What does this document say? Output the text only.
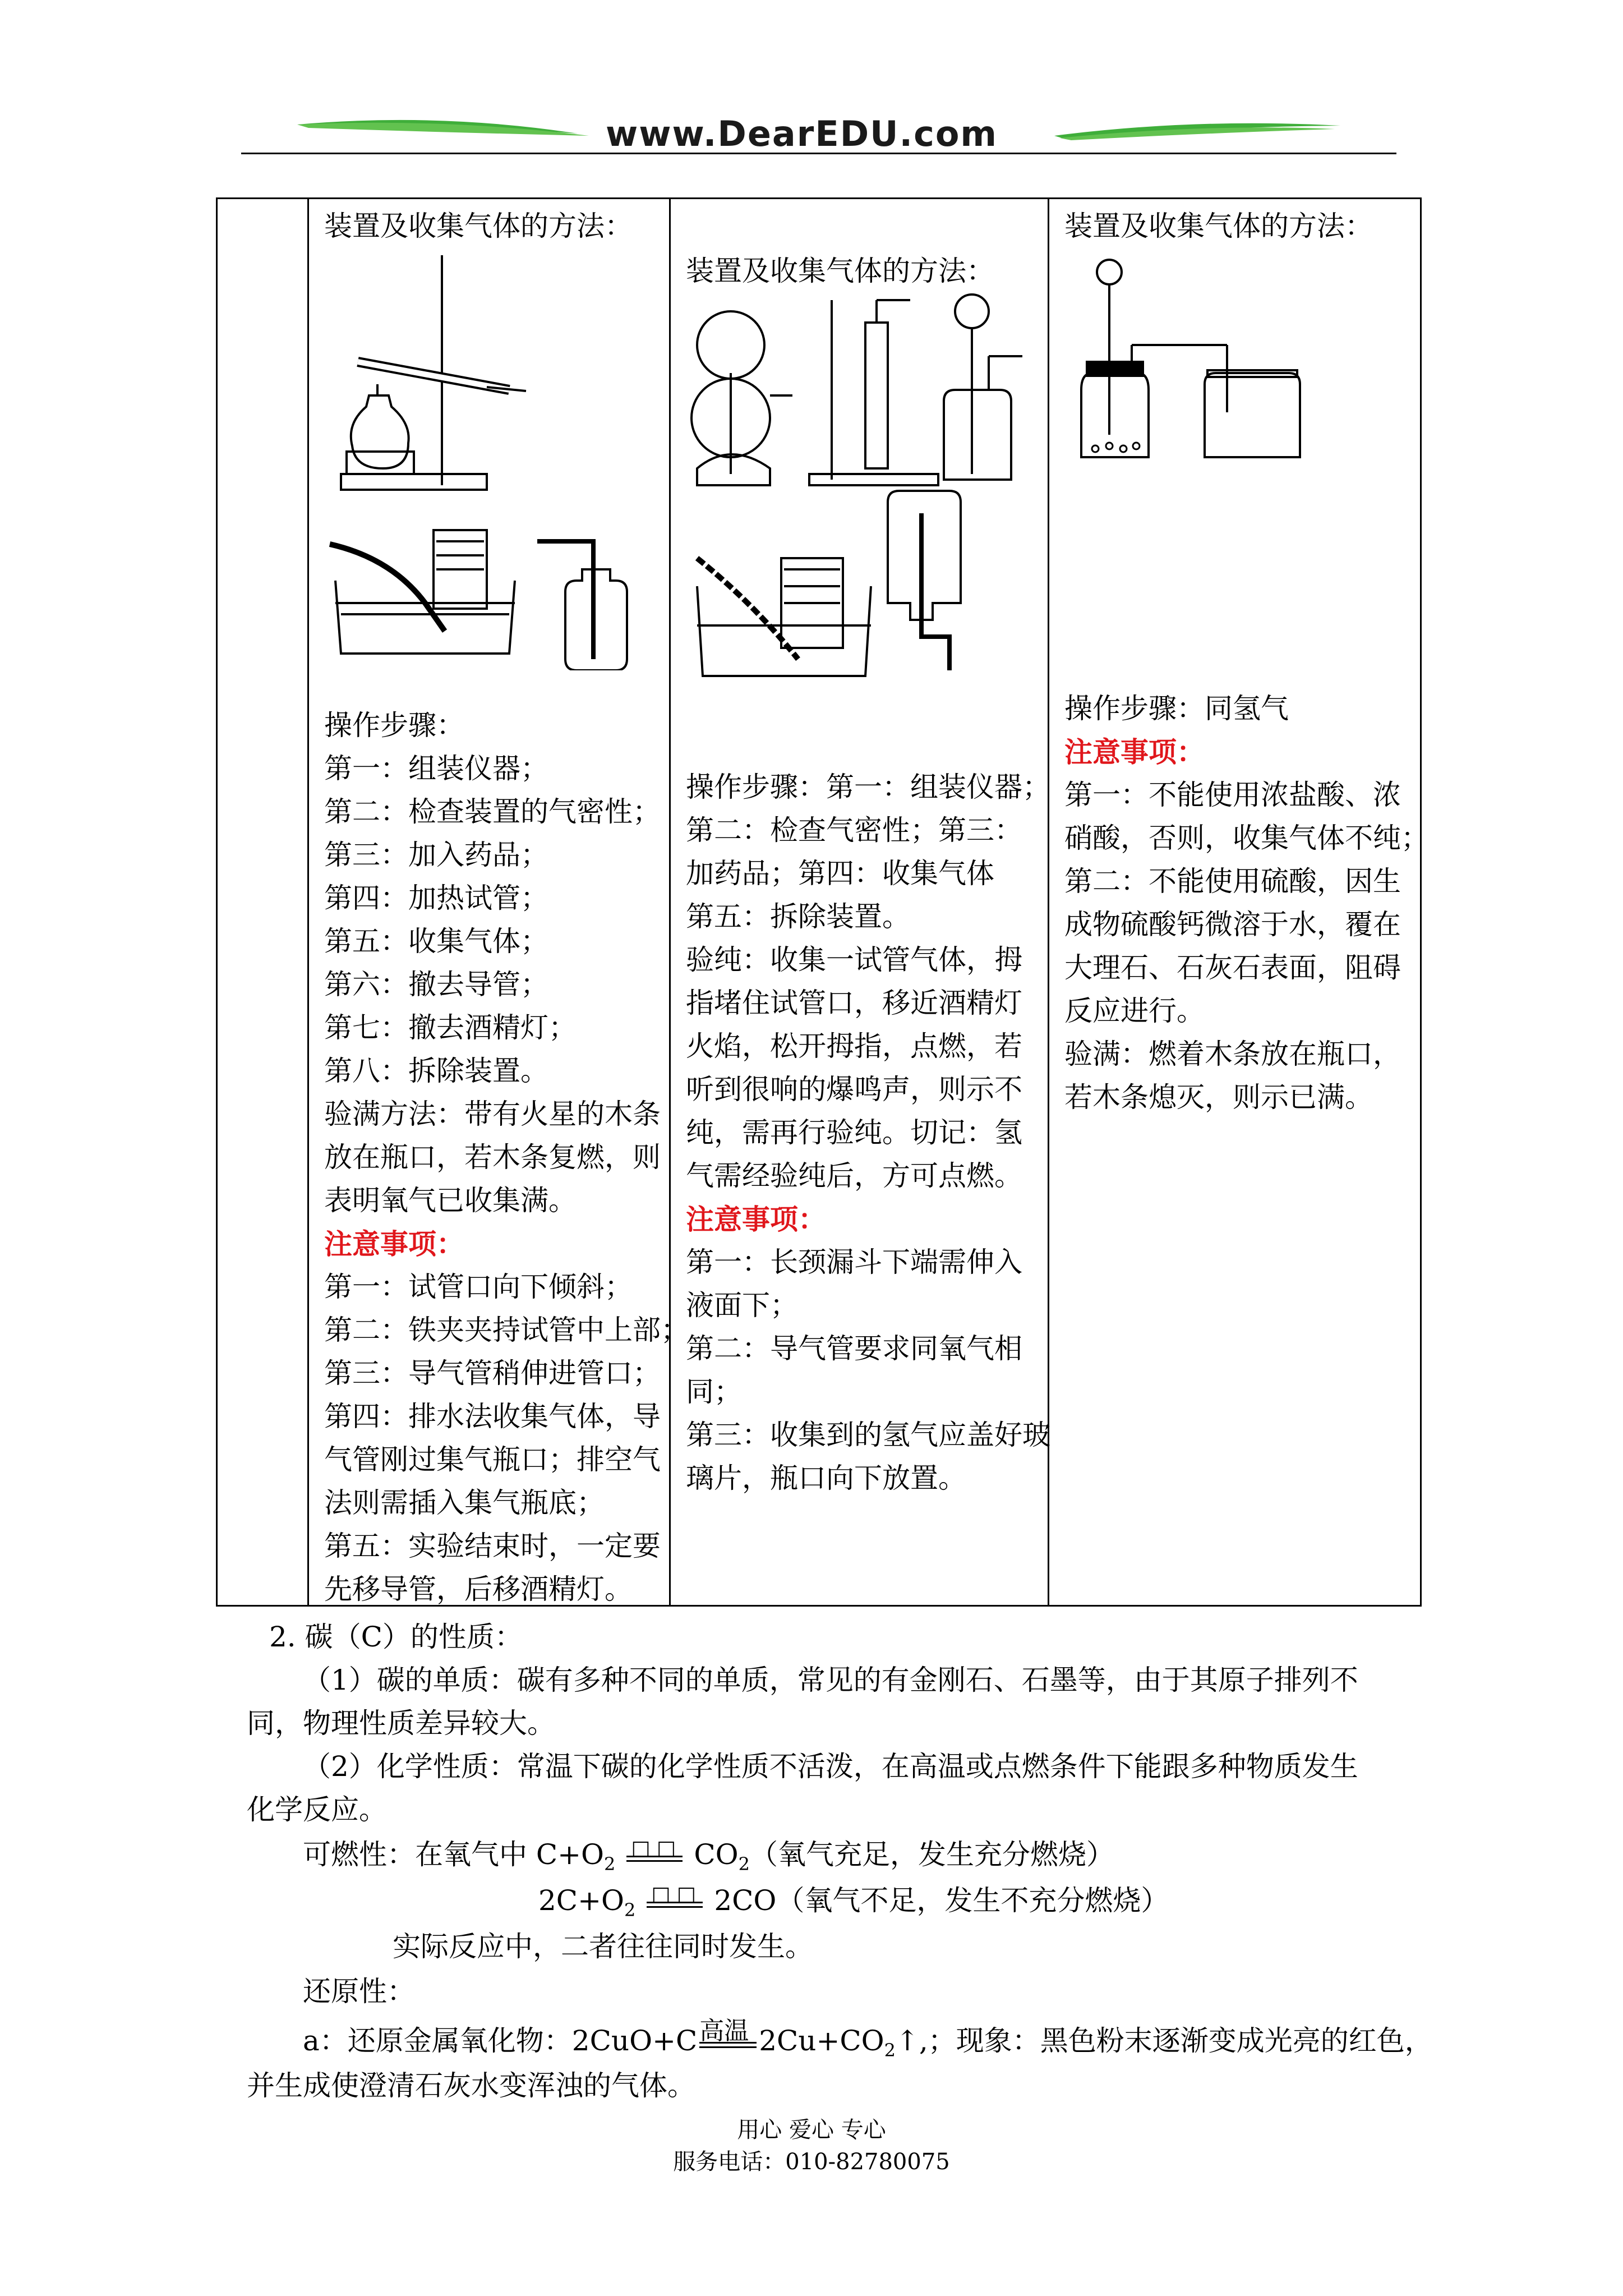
www.DearEDU.com
装置及收集气体的方法：
操作步骤：
第一：组装仪器；
第二：检查装置的气密性；
第三：加入药品；
第四：加热试管；
第五：收集气体；
第六：撤去导管；
第七：撤去酒精灯；
第八：拆除装置。
验满方法：带有火星的木条
放在瓶口，若木条复燃，则
表明氧气已收集满。
注意事项：
第一：试管口向下倾斜；
第二：铁夹夹持试管中上部；
第三：导气管稍伸进管口；
第四：排水法收集气体，导
气管刚过集气瓶口；排空气
法则需插入集气瓶底；
第五：实验结束时，一定要
先移导管，后移酒精灯。
装置及收集气体的方法：
操作步骤：第一：组装仪器；
第二：检查气密性；第三：
加药品；第四：收集气体
第五：拆除装置。
验纯：收集一试管气体，拇
指堵住试管口，移近酒精灯
火焰，松开拇指，点燃，若
听到很响的爆鸣声，则示不
纯，需再行验纯。切记：氢
气需经验纯后，方可点燃。
注意事项：
第一：长颈漏斗下端需伸入
液面下；
第二：导气管要求同氧气相
同；
第三：收集到的氢气应盖好玻
璃片，瓶口向下放置。
装置及收集气体的方法：
操作步骤：同氢气
注意事项：
第一：不能使用浓盐酸、浓
硝酸，否则，收集气体不纯；
第二：不能使用硫酸，因生
成物硫酸钙微溶于水，覆在
大理石、石灰石表面，阻碍
反应进行。
验满：燃着木条放在瓶口，
若木条熄灭，则示已满。
2. 碳（C）的性质：
（1）碳的单质：碳有多种不同的单质，常见的有金刚石、石墨等，由于其原子排列不
同，物理性质差异较大。
（2）化学性质：常温下碳的化学性质不活泼，在高温或点燃条件下能跟多种物质发生
化学反应。
可燃性：在氧气中 $C+O_2$
□ □ $CO_2$（氧气充足，发生充分燃烧）
$2C+O_2$
□ □ 2CO（氧气不足，发生不充分燃烧）
实际反应中，二者往往同时发生。
还原性：
a：还原金属氧化物：2CuO+C 高温 $2Cu+CO_2↑$,；现象：黑色粉末逐渐变成光亮的红色，
并生成使澄清石灰水变浑浊的气体。
用心 爱心 专心
服务电话：010-82780075
